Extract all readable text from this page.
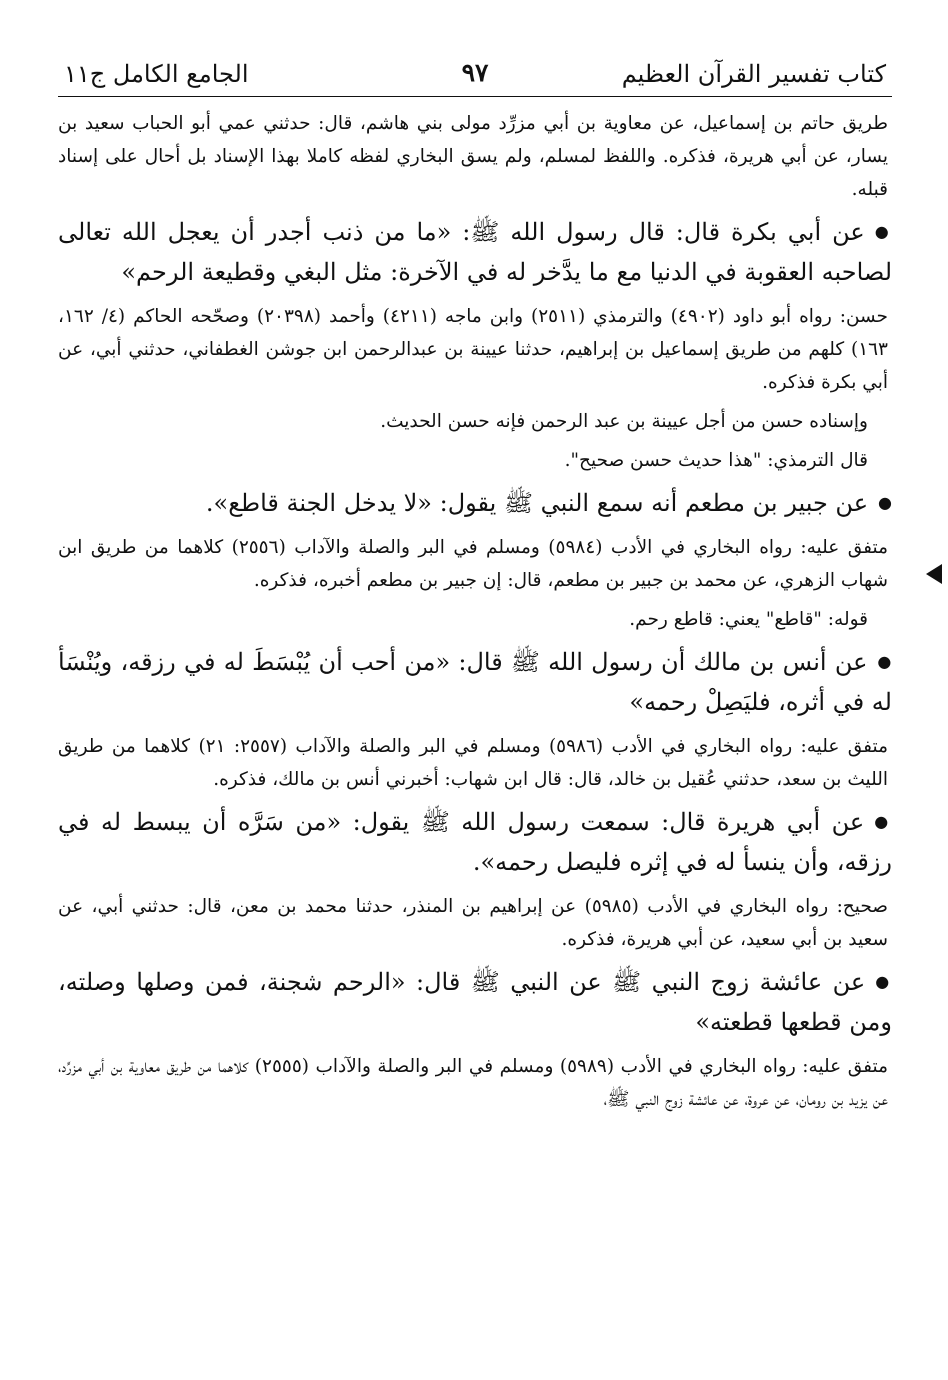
كتاب تفسير القرآن العظيم
٩٧
الجامع الكامل ج١١

طريق حاتم بن إسماعيل، عن معاوية بن أبي مزرِّد مولى بني هاشم، قال: حدثني عمي أبو الحباب سعيد بن يسار، عن أبي هريرة، فذكره. واللفظ لمسلم، ولم يسق البخاري لفظه كاملا بهذا الإسناد بل أحال على إسناد قبله.

●عن أبي بكرة قال: قال رسول الله ﷺ: «ما من ذنب أجدر أن يعجل الله تعالى لصاحبه العقوبة في الدنيا مع ما يدَّخر له في الآخرة: مثل البغي وقطيعة الرحم»

حسن: رواه أبو داود (٤٩٠٢) والترمذي (٢٥١١) وابن ماجه (٤٢١١) وأحمد (٢٠٣٩٨) وصحّحه الحاكم (٤/ ١٦٢، ١٦٣) كلهم من طريق إسماعيل بن إبراهيم، حدثنا عيينة بن عبدالرحمن ابن جوشن الغطفاني، حدثني أبي، عن أبي بكرة فذكره.

وإسناده حسن من أجل عيينة بن عبد الرحمن فإنه حسن الحديث.

قال الترمذي: "هذا حديث حسن صحيح".

●عن جبير بن مطعم أنه سمع النبي ﷺ يقول: «لا يدخل الجنة قاطع».

متفق عليه: رواه البخاري في الأدب (٥٩٨٤) ومسلم في البر والصلة والآداب (٢٥٥٦) كلاهما من طريق ابن شهاب الزهري، عن محمد بن جبير بن مطعم، قال: إن جبير بن مطعم أخبره، فذكره.

قوله: "قاطع" يعني: قاطع رحم.

●عن أنس بن مالك أن رسول الله ﷺ قال: «من أحب أن يُبْسَطَ له في رزقه، ويُنْسَأ له في أثره، فليَصِلْ رحمه»

متفق عليه: رواه البخاري في الأدب (٥٩٨٦) ومسلم في البر والصلة والآداب (٢٥٥٧: ٢١) كلاهما من طريق الليث بن سعد، حدثني عُقيل بن خالد، قال: قال ابن شهاب: أخبرني أنس بن مالك، فذكره.

●عن أبي هريرة قال: سمعت رسول الله ﷺ يقول: «من سَرَّه أن يبسط له في رزقه، وأن ينسأ له في إثره فليصل رحمه».

صحيح: رواه البخاري في الأدب (٥٩٨٥) عن إبراهيم بن المنذر، حدثنا محمد بن معن، قال: حدثني أبي، عن سعيد بن أبي سعيد، عن أبي هريرة، فذكره.

●عن عائشة زوج النبي ﷺ عن النبي ﷺ قال: «الرحم شجنة، فمن وصلها وصلته، ومن قطعها قطعته»

متفق عليه: رواه البخاري في الأدب (٥٩٨٩) ومسلم في البر والصلة والآداب (٢٥٥٥) كلاهما من طريق معاوية بن أبي مزرِّد، عن يزيد بن رومان، عن عروة، عن عائشة زوج النبي ﷺ،
